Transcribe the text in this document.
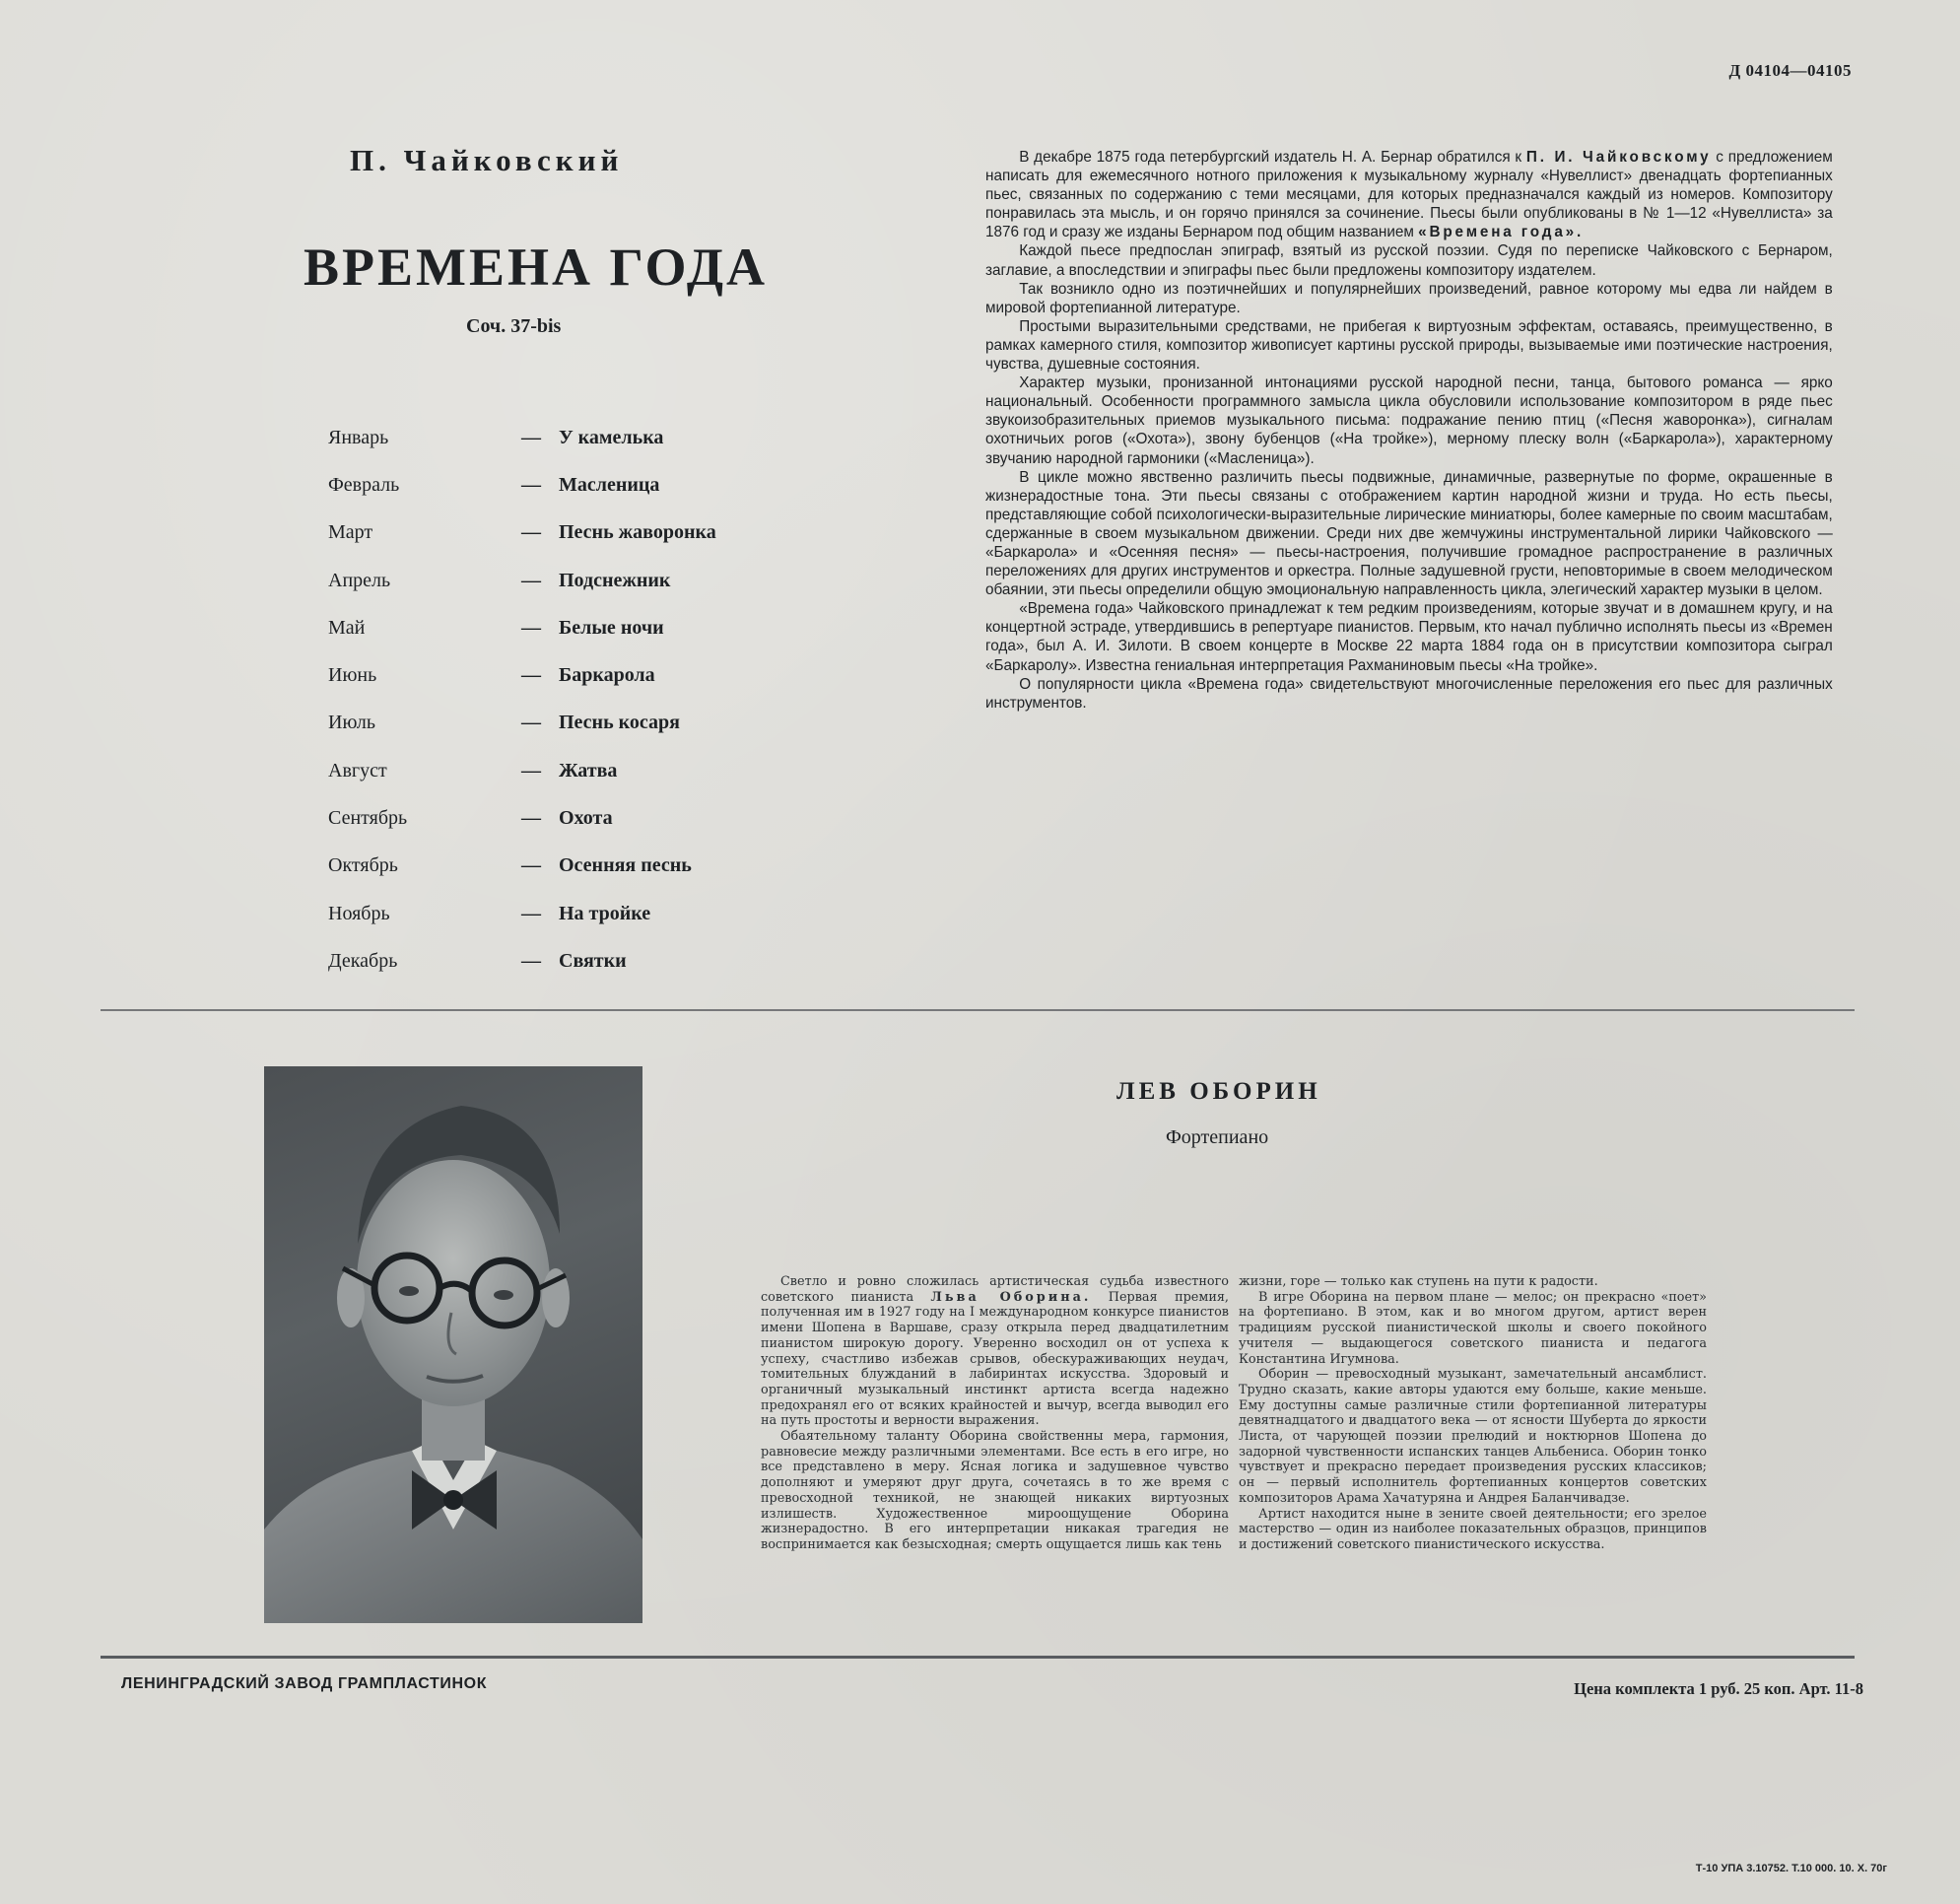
Д 04104—04105
П. Чайковский
ВРЕМЕНА ГОДА
Соч. 37-bis
Январь	— У камелька
Февраль	— Масленица
Март	— Песнь жаворонка
Апрель	— Подснежник
Май	— Белые ночи
Июнь	— Баркарола
Июль	— Песнь косаря
Август	— Жатва
Сентябрь	— Охота
Октябрь	— Осенняя песнь
Ноябрь	— На тройке
Декабрь	— Святки

В декабре 1875 года петербургский издатель Н. А. Бернар обратился к П. И. Чайковскому с предложением написать для ежемесячного нотного приложения к музыкальному журналу «Нувеллист» двенадцать фортепианных пьес, связанных по содержанию с теми месяцами, для которых предназначался каждый из номеров. Композитору понравилась эта мысль, и он горячо принялся за сочинение. Пьесы были опубликованы в № 1—12 «Нувеллиста» за 1876 год и сразу же изданы Бернаром под общим названием «Времена года».

Каждой пьесе предпослан эпиграф, взятый из русской поэзии. Судя по переписке Чайковского с Бернаром, заглавие, а впоследствии и эпиграфы пьес были предложены композитору издателем.

Так возникло одно из поэтичнейших и популярнейших произведений, равное которому мы едва ли найдем в мировой фортепианной литературе.

Простыми выразительными средствами, не прибегая к виртуозным эффектам, оставаясь, преимущественно, в рамках камерного стиля, композитор живописует картины русской природы, вызываемые ими поэтические настроения, чувства, душевные состояния.

Характер музыки, пронизанной интонациями русской народной песни, танца, бытового романса — ярко национальный. Особенности программного замысла цикла обусловили использование композитором в ряде пьес звукоизобразительных приемов музыкального письма: подражание пению птиц («Песня жаворонка»), сигналам охотничьих рогов («Охота»), звону бубенцов («На тройке»), мерному плеску волн («Баркарола»), характерному звучанию народной гармоники («Масленица»).

В цикле можно явственно различить пьесы подвижные, динамичные, развернутые по форме, окрашенные в жизнерадостные тона. Эти пьесы связаны с отображением картин народной жизни и труда. Но есть пьесы, представляющие собой психологически-выразительные лирические миниатюры, более камерные по своим масштабам, сдержанные в своем музыкальном движении. Среди них две жемчужины инструментальной лирики Чайковского — «Баркарола» и «Осенняя песня» — пьесы-настроения, получившие громадное распространение в различных переложениях для других инструментов и оркестра. Полные задушевной грусти, неповторимые в своем мелодическом обаянии, эти пьесы определили общую эмоциональную направленность цикла, элегический характер музыки в целом.

«Времена года» Чайковского принадлежат к тем редким произведениям, которые звучат и в домашнем кругу, и на концертной эстраде, утвердившись в репертуаре пианистов. Первым, кто начал публично исполнять пьесы из «Времен года», был А. И. Зилоти. В своем концерте в Москве 22 марта 1884 года он в присутствии композитора сыграл «Баркаролу». Известна гениальная интерпретация Рахманиновым пьесы «На тройке».

О популярности цикла «Времена года» свидетельствуют многочисленные переложения его пьес для различных инструментов.

ЛЕВ ОБОРИН
Фортепиано

Светло и ровно сложилась артистическая судьба известного советского пианиста Льва Оборина. Первая премия, полученная им в 1927 году на I международном конкурсе пианистов имени Шопена в Варшаве, сразу открыла перед двадцатилетним пианистом широкую дорогу. Уверенно восходил он от успеха к успеху, счастливо избежав срывов, обескураживающих неудач, томительных блужданий в лабиринтах искусства. Здоровый и органичный музыкальный инстинкт артиста всегда надежно предохранял его от всяких крайностей и вычур, всегда выводил его на путь простоты и верности выражения.

Обаятельному таланту Оборина свойственны мера, гармония, равновесие между различными элементами. Все есть в его игре, но все представлено в меру. Ясная логика и задушевное чувство дополняют и умеряют друг друга, сочетаясь в то же время с превосходной техникой, не знающей никаких виртуозных излишеств. Художественное мироощущение Оборина жизнерадостно. В его интерпретации никакая трагедия не воспринимается как безысходная; смерть ощущается лишь как тень

жизни, горе — только как ступень на пути к радости.

В игре Оборина на первом плане — мелос; он прекрасно «поет» на фортепиано. В этом, как и во многом другом, артист верен традициям русской пианистической школы и своего покойного учителя — выдающегося советского пианиста и педагога Константина Игумнова.

Оборин — превосходный музыкант, замечательный ансамблист. Трудно сказать, какие авторы удаются ему больше, какие меньше. Ему доступны самые различные стили фортепианной литературы девятнадцатого и двадцатого века — от ясности Шуберта до яркости Листа, от чарующей поэзии прелюдий и ноктюрнов Шопена до задорной чувственности испанских танцев Альбениса. Оборин тонко чувствует и прекрасно передает произведения русских классиков; он — первый исполнитель фортепианных концертов советских композиторов Арама Хачатуряна и Андрея Баланчивадзе.

Артист находится ныне в зените своей деятельности; его зрелое мастерство — один из наиболее показательных образцов, принципов и достижений советского пианистического искусства.

ЛЕНИНГРАДСКИЙ ЗАВОД ГРАМПЛАСТИНОК	Цена комплекта 1 руб. 25 коп. Арт. 11-8
Т-10 УПА 3.10752. Т.10 000. 10. X. 70г
